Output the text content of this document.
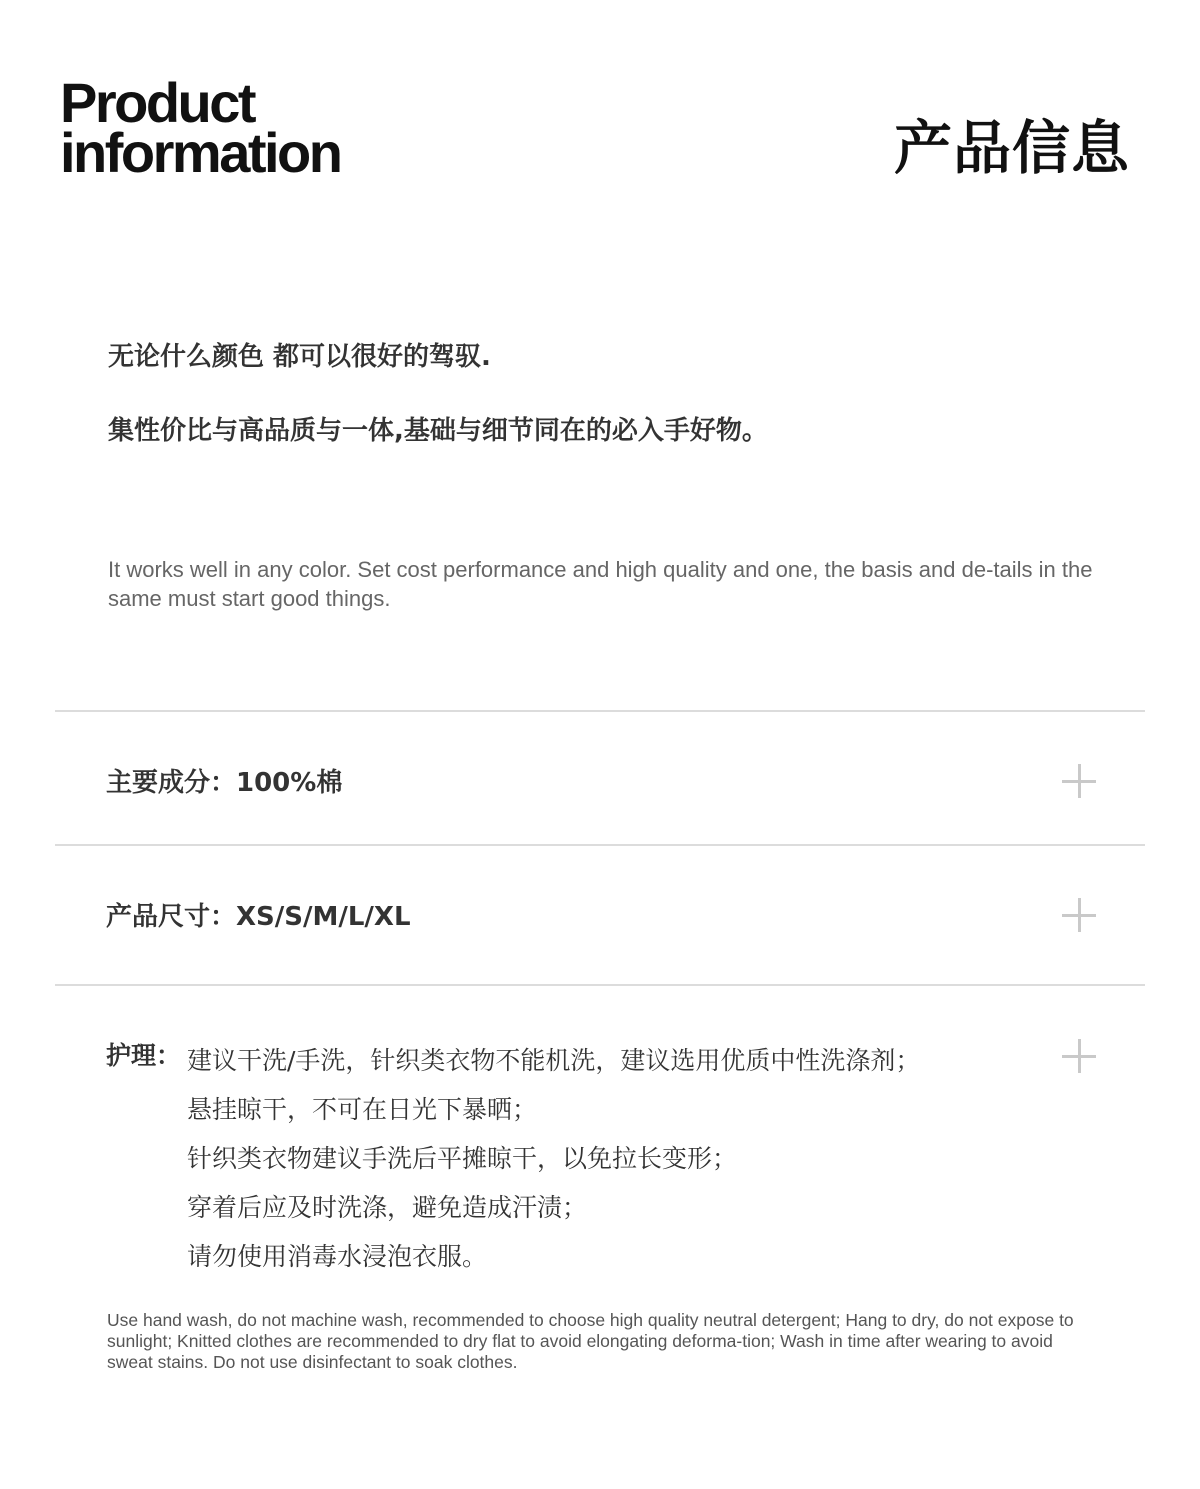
Product
information	产品信息
无论什么颜色 都可以很好的驾驭.
集性价比与高品质与一体,基础与细节同在的必入手好物。
It works well in any color. Set cost performance and high quality and one, the basis and de-tails in the same must start good things.
主要成分：100%棉
产品尺寸：XS/S/M/L/XL
护理： 建议干洗/手洗，针织类衣物不能机洗，建议选用优质中性洗涤剂；
悬挂晾干，不可在日光下暴晒；
针织类衣物建议手洗后平摊晾干，以免拉长变形；
穿着后应及时洗涤，避免造成汗渍；
请勿使用消毒水浸泡衣服。
Use hand wash, do not machine wash, recommended to choose high quality neutral detergent; Hang to dry, do not expose to sunlight; Knitted clothes are recommended to dry flat to avoid elongating deforma-tion; Wash in time after wearing to avoid sweat stains. Do not use disinfectant to soak clothes.
